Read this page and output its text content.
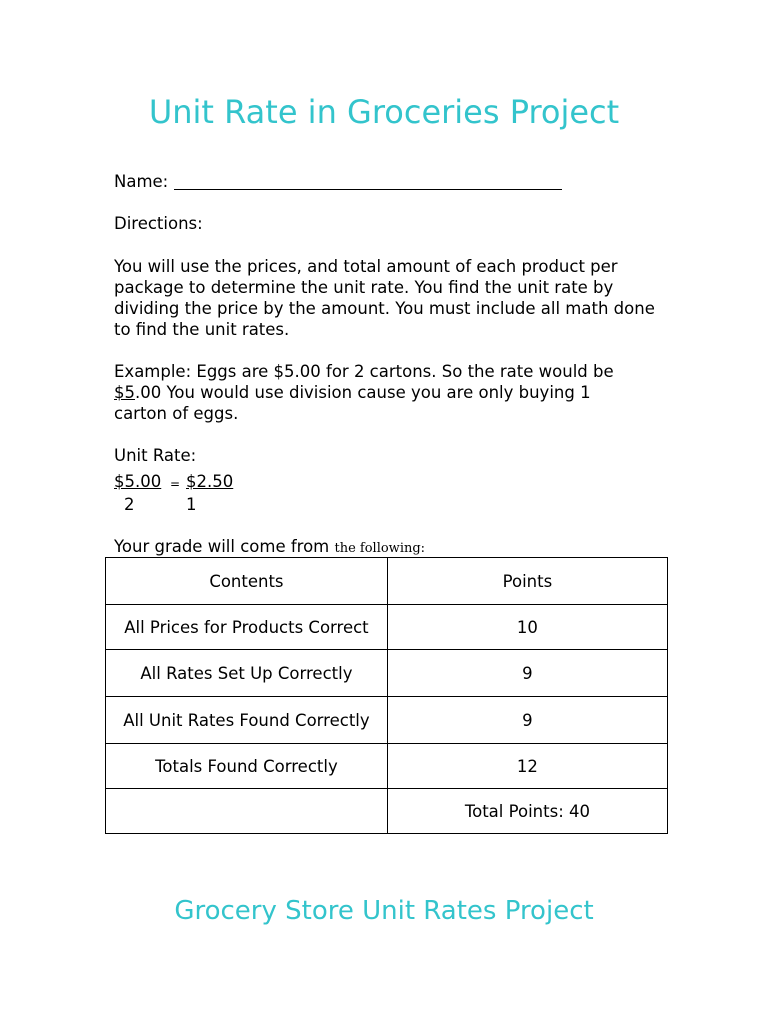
Unit Rate in Groceries Project

Name:

Directions:

You will use the prices, and total amount of each product per package to determine the unit rate. You find the unit rate by dividing the price by the amount. You must include all math done to find the unit rates.

Example: Eggs are $5.00 for 2 cartons. So the rate would be
$5.00 You would use division cause you are only buying 1
carton of eggs.

Unit Rate:

$5.00 = $2.50
2	1
Your grade will come from the following:
Contents	Points
All Prices for Products Correct	10
All Rates Set Up Correctly	9
All Unit Rates Found Correctly	9
Totals Found Correctly	12
	Total Points: 40
Grocery Store Unit Rates Project
